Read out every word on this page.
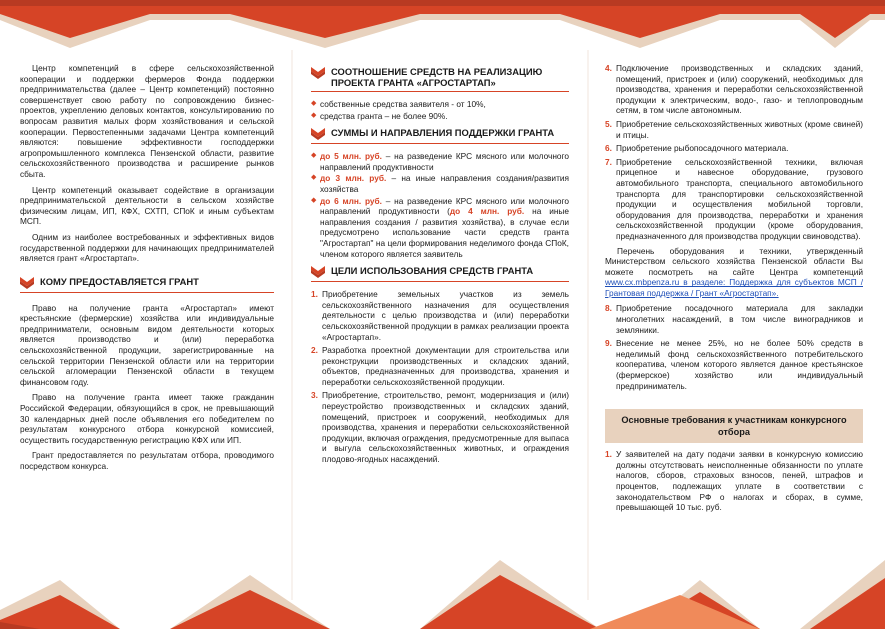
Центр компетенций в сфере сельскохозяйственной кооперации и поддержки фермеров Фонда поддержки предпринимательства (далее – Центр компетенций) постоянно совершенствует свою работу по сопровождению бизнес-проектов, укреплению деловых контактов, консультированию по вопросам развития малых форм хозяйствования и сельской кооперации. Первостепенными задачами Центра компетенций являются: повышение эффективности господдержки агропромышленного комплекса Пензенской области, развитие сельскохозяйственного производства и расширение рынков сбыта.

Центр компетенций оказывает содействие в организации предпринимательской деятельности в сельском хозяйстве физическим лицам, ИП, КФХ, СХТП, СПоК и иным субъектам МСП.

Одним из наиболее востребованных и эффективных видов государственной поддержки для начинающих предпринимателей является грант «Агростартап».

КОМУ ПРЕДОСТАВЛЯЕТСЯ ГРАНТ

Право на получение гранта «Агростартап» имеют крестьянские (фермерские) хозяйства или индивидуальные предприниматели, основным видом деятельности которых является производство и (или) переработка сельскохозяйственной продукции, зарегистрированные на сельской территории Пензенской области или на территории сельской агломерации Пензенской области в текущем финансовом году.

Право на получение гранта имеет также гражданин Российской Федерации, обязующийся в срок, не превышающий 30 календарных дней после объявления его победителем по результатам конкурсного отбора конкурсной комиссией, осуществить государственную регистрацию КФХ или ИП.

Грант предоставляется по результатам отбора, проводимого посредством конкурса.

СООТНОШЕНИЕ СРЕДСТВ НА РЕАЛИЗАЦИЮ ПРОЕКТА ГРАНТА «АГРОСТАРТАП»
◆ собственные средства заявителя - от 10%,
◆ средства гранта – не более 90%.
СУММЫ И НАПРАВЛЕНИЯ ПОДДЕРЖКИ ГРАНТА
◆ до 5 млн. руб. – на разведение КРС мясного или молочного направлений продуктивности
◆ до 3 млн. руб. – на иные направления создания/развития хозяйства
◆ до 6 млн. руб. – на разведение КРС мясного или молочного направлений продуктивности (до 4 млн. руб. на иные направления создания / развития хозяйства), в случае если предусмотрено использование части средств гранта "Агростартап" на цели формирования неделимого фонда СПоК, членом которого является заявитель
ЦЕЛИ ИСПОЛЬЗОВАНИЯ СРЕДСТВ ГРАНТА
1. Приобретение земельных участков из земель сельскохозяйственного назначения для осуществления деятельности с целью производства и (или) переработки сельскохозяйственной продукции в рамках реализации проекта «Агростартап».
2. Разработка проектной документации для строительства или реконструкции производственных и складских зданий, объектов, предназначенных для производства, хранения и переработки сельскохозяйственной продукции.
3. Приобретение, строительство, ремонт, модернизация и (или) переустройство производственных и складских зданий, помещений, пристроек и сооружений, необходимых для производства, хранения и переработки сельскохозяйственной продукции, включая ограждения, предусмотренные для выпаса и выгула сельскохозяйственных животных, и ограждения плодово-ягодных насаждений.
4. Подключение производственных и складских зданий, помещений, пристроек и (или) сооружений, необходимых для производства, хранения и переработки сельскохозяйственной продукции к электрическим, водо-, газо- и теплопроводным сетям, в том числе автономным.
5. Приобретение сельскохозяйственных животных (кроме свиней) и птицы.
6. Приобретение рыбопосадочного материала.
7. Приобретение сельскохозяйственной техники, включая прицепное и навесное оборудование, грузового автомобильного транспорта, специального автомобильного транспорта для транспортировки сельскохозяйственной продукции и осуществления мобильной торговли, оборудования для производства, переработки и хранения сельскохозяйственной продукции (кроме оборудования, предназначенного для производства продукции свиноводства).

Перечень оборудования и техники, утвержденный Министерством сельского хозяйства Пензенской области Вы можете посмотреть на сайте Центра компетенций www.cx.mbpenza.ru в разделе: Поддержка для субъектов МСП / Грантовая поддержка / Грант «Агростартап».

8. Приобретение посадочного материала для закладки многолетних насаждений, в том числе виноградников и земляники.
9. Внесение не менее 25%, но не более 50% средств в неделимый фонд сельскохозяйственного потребительского кооператива, членом которого является данное крестьянское (фермерское) хозяйство или индивидуальный предприниматель.
Основные требования к участникам конкурсного отбора
1. У заявителей на дату подачи заявки в конкурсную комиссию должны отсутствовать неисполненные обязанности по уплате налогов, сборов, страховых взносов, пеней, штрафов и процентов, подлежащих уплате в соответствии с законодательством РФ о налогах и сборах, в сумме, превышающей 10 тыс. руб.
